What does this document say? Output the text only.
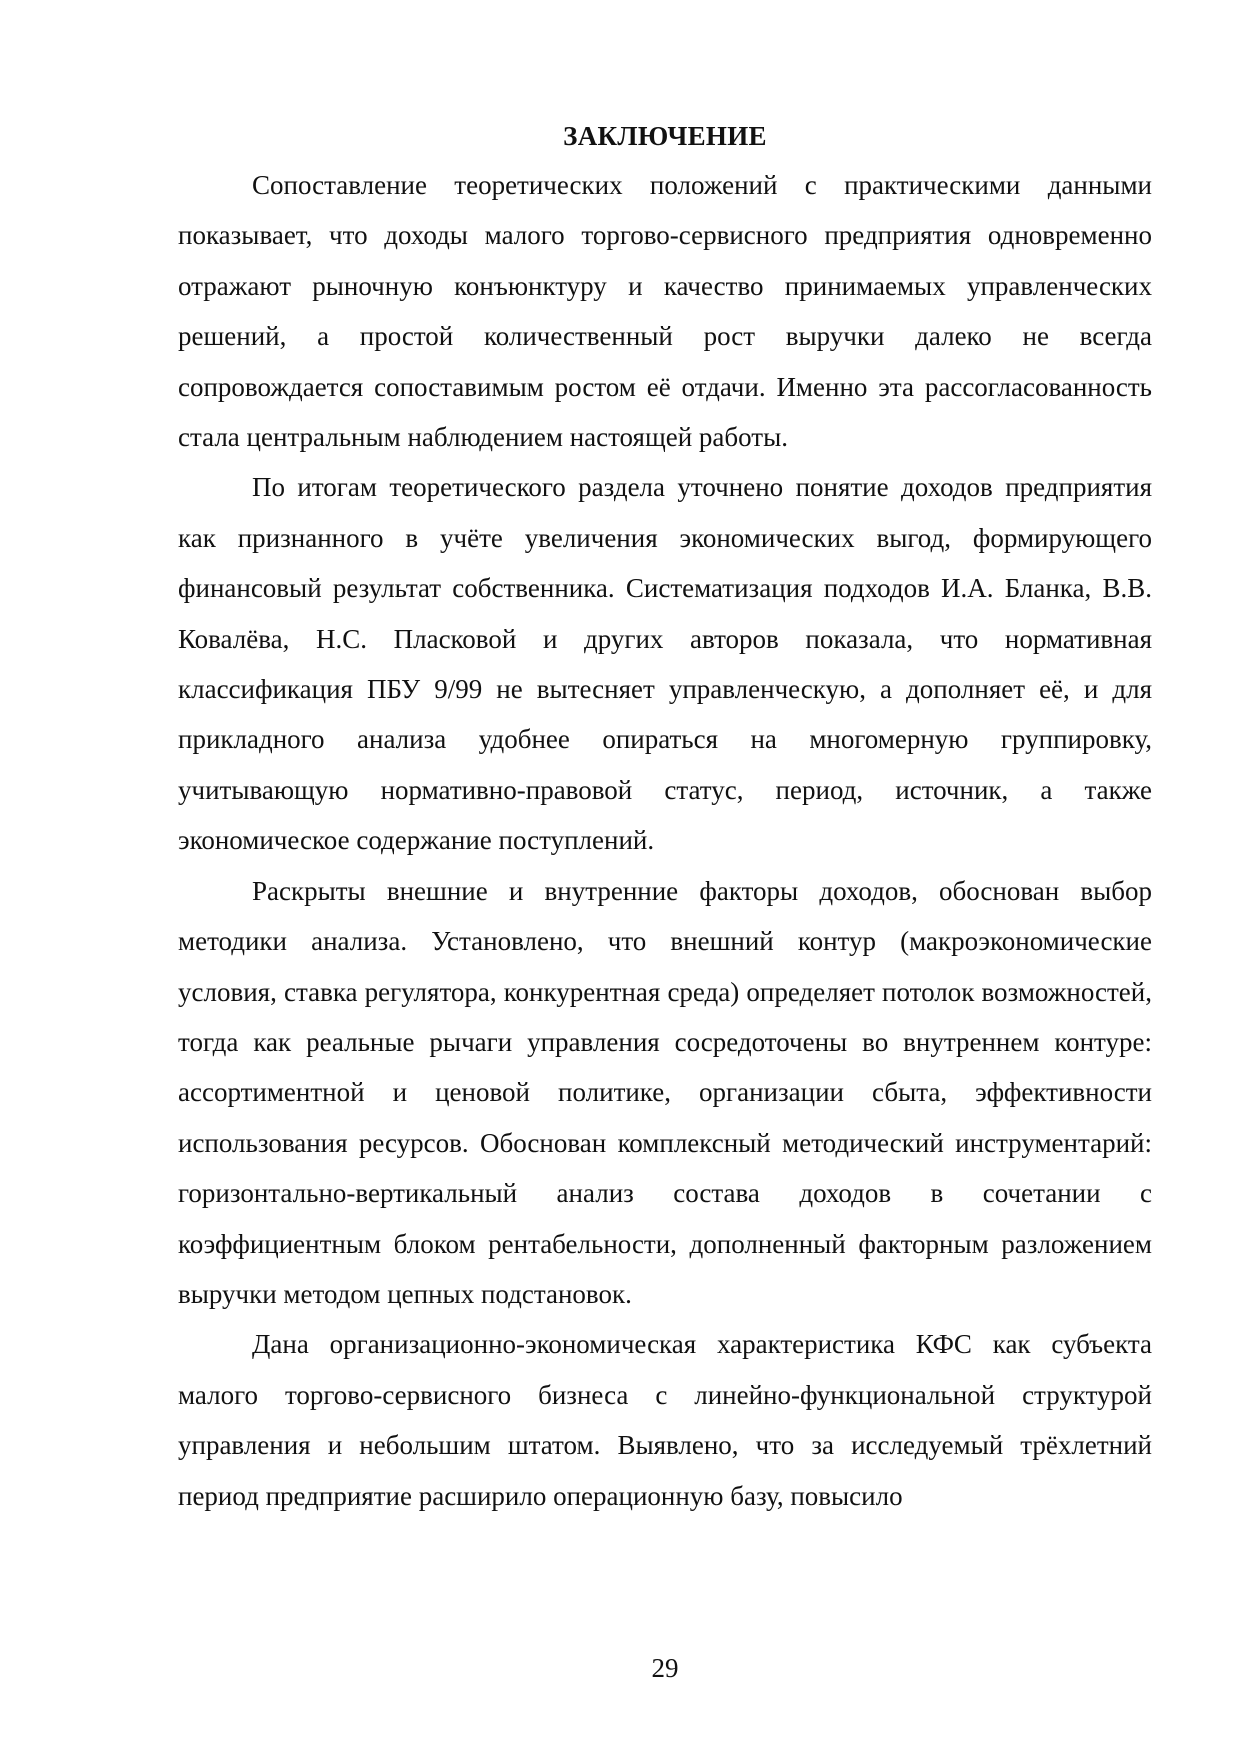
ЗАКЛЮЧЕНИЕ

Сопоставление теоретических положений с практическими данными показывает, что доходы малого торгово-сервисного предприятия одновременно отражают рыночную конъюнктуру и качество принимаемых управленческих решений, а простой количественный рост выручки далеко не всегда сопровождается сопоставимым ростом её отдачи. Именно эта рассогласованность стала центральным наблюдением настоящей работы.

По итогам теоретического раздела уточнено понятие доходов предприятия как признанного в учёте увеличения экономических выгод, формирующего финансовый результат собственника. Систематизация подходов И.А. Бланка, В.В. Ковалёва, Н.С. Пласковой и других авторов показала, что нормативная классификация ПБУ 9/99 не вытесняет управленческую, а дополняет её, и для прикладного анализа удобнее опираться на многомерную группировку, учитывающую нормативно-правовой статус, период, источник, а также экономическое содержание поступлений.

Раскрыты внешние и внутренние факторы доходов, обоснован выбор методики анализа. Установлено, что внешний контур (макроэкономические условия, ставка регулятора, конкурентная среда) определяет потолок возможностей, тогда как реальные рычаги управления сосредоточены во внутреннем контуре: ассортиментной и ценовой политике, организации сбыта, эффективности использования ресурсов. Обоснован комплексный методический инструментарий: горизонтально-вертикальный анализ состава доходов в сочетании с коэффициентным блоком рентабельности, дополненный факторным разложением выручки методом цепных подстановок.

Дана организационно-экономическая характеристика КФС как субъекта малого торгово-сервисного бизнеса с линейно-функциональной структурой управления и небольшим штатом. Выявлено, что за исследуемый трёхлетний период предприятие расширило операционную базу, повысило

29
